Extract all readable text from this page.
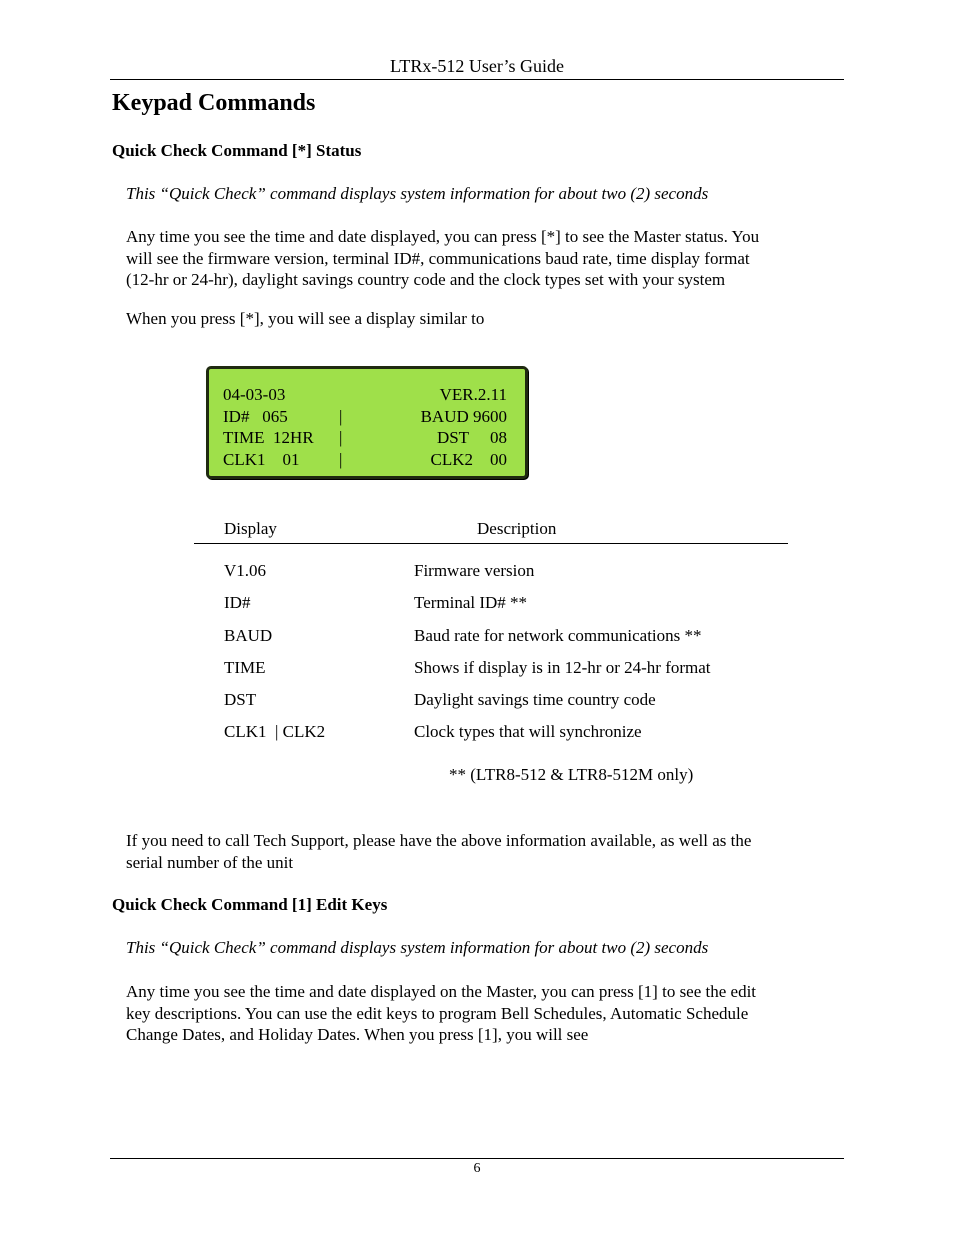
LTRx-512 User’s Guide
Keypad Commands
Quick Check Command [*] Status
This “Quick Check” command displays system information for about two (2) seconds
Any time you see the time and date displayed, you can press [*] to see the Master status. You
will see the firmware version, terminal ID#, communications baud rate, time display format
(12-hr or 24-hr), daylight savings country code and the clock types set with your system
When you press [*], you will see a display similar to
04-03-03	VER.2.11
ID#   065	|	BAUD 9600
TIME  12HR |	DST     08
CLK1    01 |	CLK2    00
Display	Description
V1.06	Firmware version
ID#	Terminal ID# **
BAUD	Baud rate for network communications **
TIME	Shows if display is in 12-hr or 24-hr format
DST	Daylight savings time country code
CLK1  | CLK2	Clock types that will synchronize
** (LTR8-512 & LTR8-512M only)
If you need to call Tech Support, please have the above information available, as well as the
serial number of the unit
Quick Check Command [1] Edit Keys
This “Quick Check” command displays system information for about two (2) seconds
Any time you see the time and date displayed on the Master, you can press [1] to see the edit
key descriptions. You can use the edit keys to program Bell Schedules, Automatic Schedule
Change Dates, and Holiday Dates. When you press [1], you will see
6
